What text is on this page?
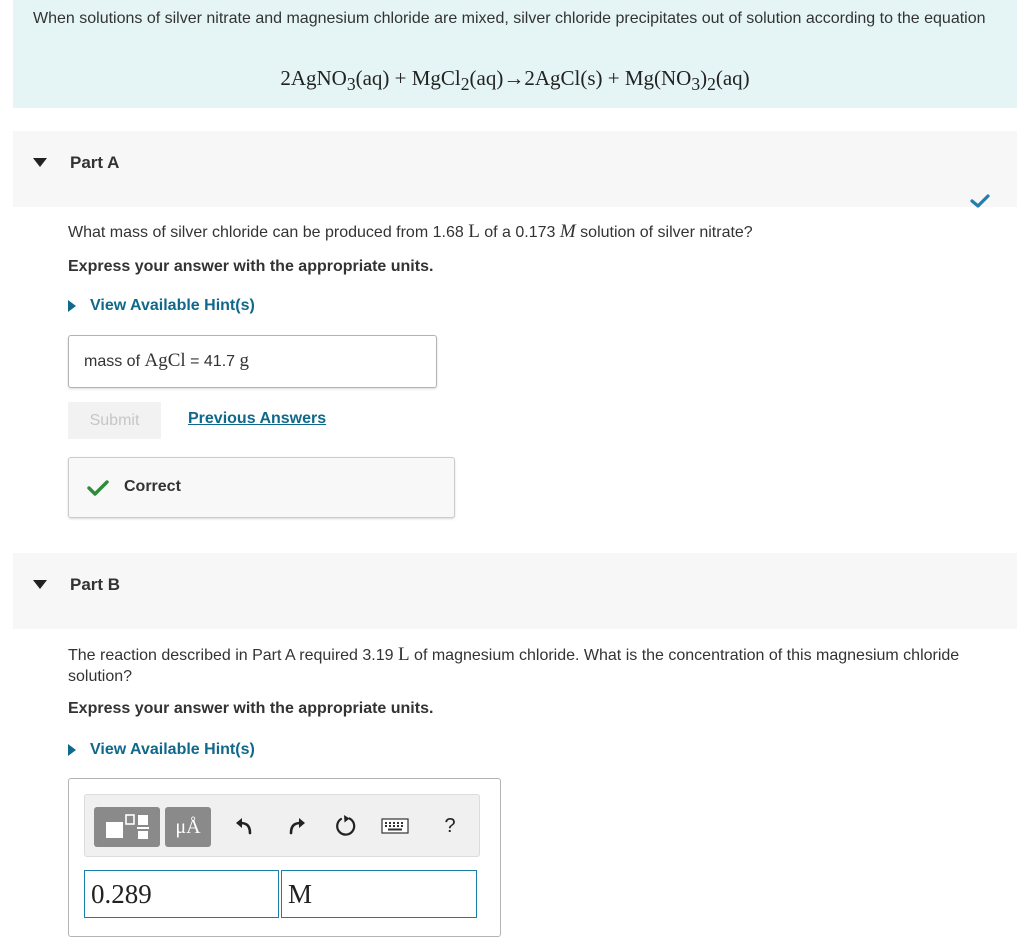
When solutions of silver nitrate and magnesium chloride are mixed, silver chloride precipitates out of solution according to the equation
2AgNO$_3$(aq) + MgCl$_2$(aq)→2AgCl(s) + $Mg(NO_3)_2(aq)$
Part A
What mass of silver chloride can be produced from 1.68 L of a 0.173 M solution of silver nitrate?
Express your answer with the appropriate units.
View Available Hint(s)
mass of AgCl = 41.7 g
Submit	Previous Answers
Correct
Part B
The reaction described in Part A required 3.19 L of magnesium chloride. What is the concentration of this magnesium chloride solution?
Express your answer with the appropriate units.
View Available Hint(s)
μÅ	?
0.289	M
